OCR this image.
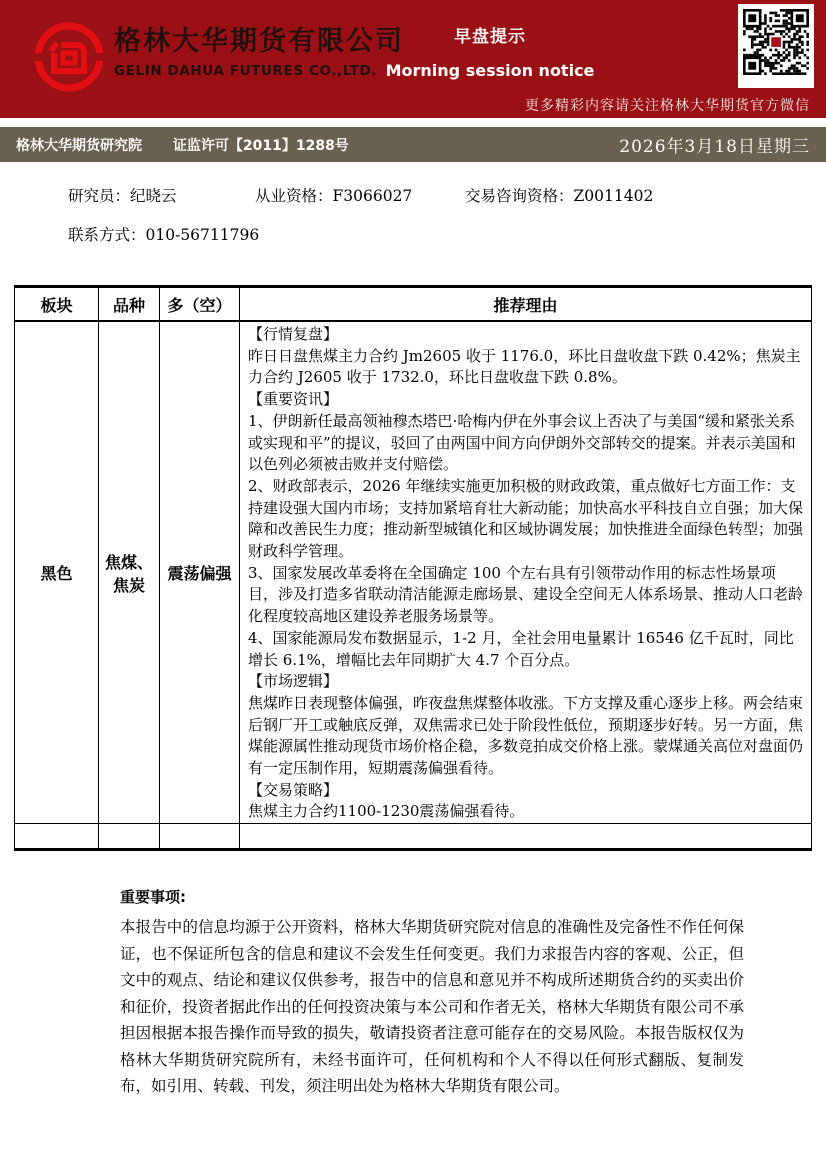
格林大华期货有限公司
GELIN DAHUA FUTURES CO.,LTD.
早盘提示
Morning session notice
更多精彩内容请关注格林大华期货官方微信
格林大华期货研究院 证监许可【2011】1288号	2026年3月18日星期三
研究员：纪晓云	从业资格：F3066027	交易咨询资格：Z0011402
联系方式：010-56711796
板块	品种	多（空）	推荐理由
黑色	焦煤、焦炭	震荡偏强	
【行情复盘】
昨日日盘焦煤主力合约 Jm2605 收于 1176.0，环比日盘收盘下跌 0.42%；焦炭主力合约 J2605 收于 1732.0，环比日盘收盘下跌 0.8%。
【重要资讯】
1、伊朗新任最高领袖穆杰塔巴·哈梅内伊在外事会议上否决了与美国“缓和紧张关系或实现和平”的提议，驳回了由两国中间方向伊朗外交部转交的提案。并表示美国和以色列必须被击败并支付赔偿。
2、财政部表示，2026 年继续实施更加积极的财政政策，重点做好七方面工作：支持建设强大国内市场；支持加紧培育壮大新动能；加快高水平科技自立自强；加大保障和改善民生力度；推动新型城镇化和区域协调发展；加快推进全面绿色转型；加强财政科学管理。
3、国家发展改革委将在全国确定 100 个左右具有引领带动作用的标志性场景项目，涉及打造多省联动清洁能源走廊场景、建设全空间无人体系场景、推动人口老龄化程度较高地区建设养老服务场景等。
4、国家能源局发布数据显示，1-2 月，全社会用电量累计 16546 亿千瓦时，同比增长 6.1%，增幅比去年同期扩大 4.7 个百分点。
【市场逻辑】
焦煤昨日表现整体偏强，昨夜盘焦煤整体收涨。下方支撑及重心逐步上移。两会结束后钢厂开工或触底反弹，双焦需求已处于阶段性低位，预期逐步好转。另一方面，焦煤能源属性推动现货市场价格企稳，多数竞拍成交价格上涨。蒙煤通关高位对盘面仍有一定压制作用，短期震荡偏强看待。
【交易策略】
焦煤主力合约1100-1230震荡偏强看待。

重要事项:
本报告中的信息均源于公开资料，格林大华期货研究院对信息的准确性及完备性不作任何保证，也不保证所包含的信息和建议不会发生任何变更。我们力求报告内容的客观、公正，但文中的观点、结论和建议仅供参考，报告中的信息和意见并不构成所述期货合约的买卖出价和征价，投资者据此作出的任何投资决策与本公司和作者无关，格林大华期货有限公司不承担因根据本报告操作而导致的损失，敬请投资者注意可能存在的交易风险。本报告版权仅为格林大华期货研究院所有，未经书面许可，任何机构和个人不得以任何形式翻版、复制发布，如引用、转载、刊发，须注明出处为格林大华期货有限公司。
